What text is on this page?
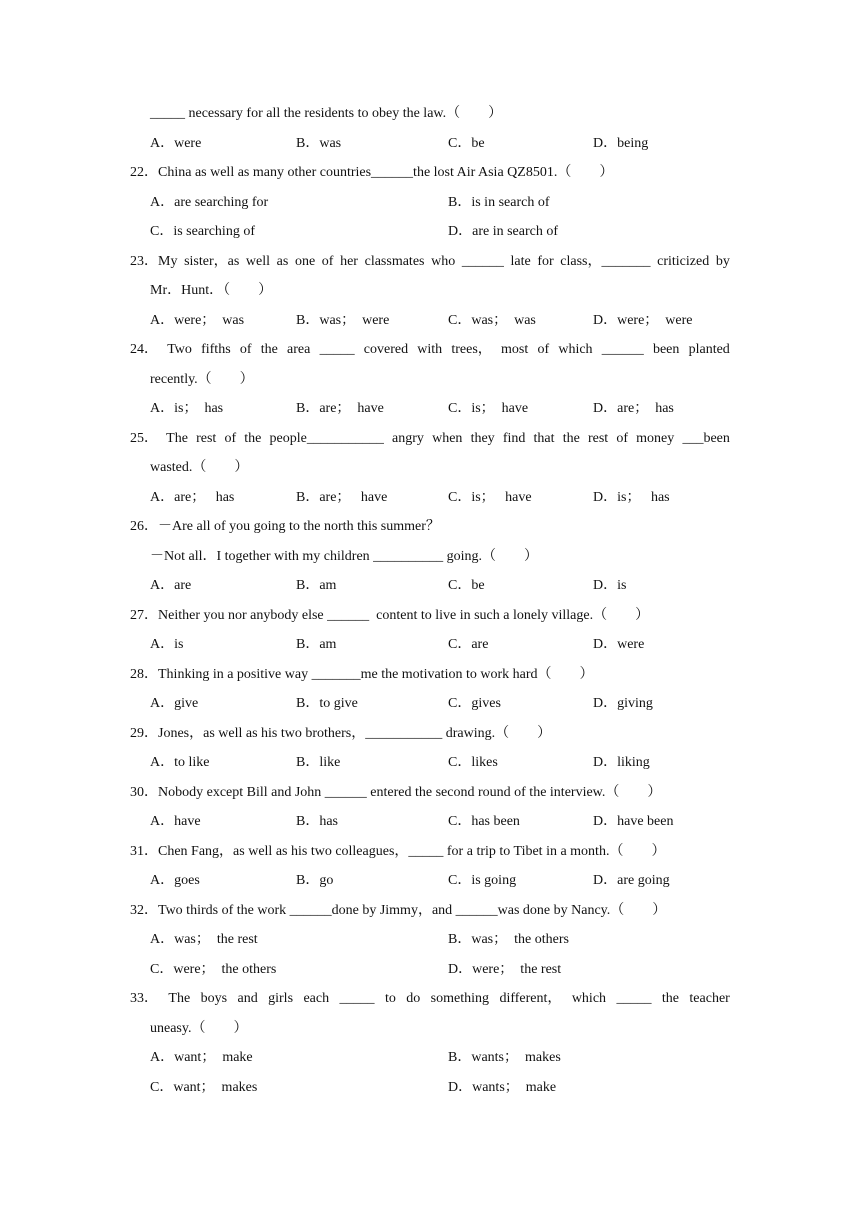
_____ necessary for all the residents to obey the law.（　　）
A．were	B．was	C．be	D．being
22．China as well as many other countries______the lost Air Asia QZ8501.（　　）
A．are searching for	B．is in search of
C．is searching of	D．are in search of
23．My sister，as well as one of her classmates who ______ late for class，_______ criticized by
Mr．Hunt．（　　）
A．were；  was	B．was；  were	C．was；  was	D．were；  were
24． Two fifths of the area _____ covered with trees， most of which ______ been planted
recently.（　　）
A．is；  has	B．are；  have	C．is；  have	D．are；  has
25． The rest of the people___________ angry when they find that the rest of money ___been
wasted.（　　）
A．are；   has	B．are；   have	C．is；   have	D．is；   has
26．－Are all of you going to the north this summer？
－Not all．I together with my children __________ going.（　　）
A．are	B．am	C．be	D．is
27．Neither you nor anybody else ______  content to live in such a lonely village.（　　）
A．is	B．am	C．are	D．were
28．Thinking in a positive way _______me the motivation to work hard（　　）
A．give	B．to give	C．gives	D．giving
29．Jones，as well as his two brothers，___________ drawing.（　　）
A．to like	B．like	C．likes	D．liking
30．Nobody except Bill and John ______ entered the second round of the interview.（　　）
A．have	B．has	C．has been	D．have been
31．Chen Fang，as well as his two colleagues，_____ for a trip to Tibet in a month.（　　）
A．goes	B．go	C．is going	D．are going
32．Two thirds of the work ______done by Jimmy，and ______was done by Nancy.（　　）
A．was；  the rest	B．was；  the others
C．were；  the others	D．were；  the rest
33． The boys and girls each _____ to do something different， which _____ the teacher
uneasy.（　　）
A．want；  make	B．wants；  makes
C．want；  makes	D．wants；  make
